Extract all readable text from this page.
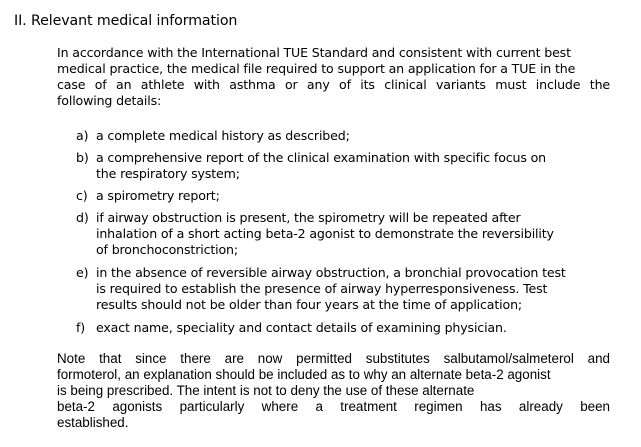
II. Relevant medical information
In accordance with the International TUE Standard and consistent with current best
medical practice, the medical file required to support an application for a TUE in the
case of an athlete with asthma or any of its clinical variants must include the
following details:
a) a complete medical history as described;
b) a comprehensive report of the clinical examination with specific focus on
the respiratory system;
c) a spirometry report;
d) if airway obstruction is present, the spirometry will be repeated after
inhalation of a short acting beta-2 agonist to demonstrate the reversibility
of bronchoconstriction;
e) in the absence of reversible airway obstruction, a bronchial provocation test
is required to establish the presence of airway hyperresponsiveness. Test
results should not be older than four years at the time of application;
f) exact name, speciality and contact details of examining physician.
Note that since there are now permitted substitutes salbutamol/salmeterol and
formoterol, an explanation should be included as to why an alternate beta-2 agonist
is being prescribed. The intent is not to deny the use of these alternate
beta-2 agonists particularly where a treatment regimen has already been
established.
